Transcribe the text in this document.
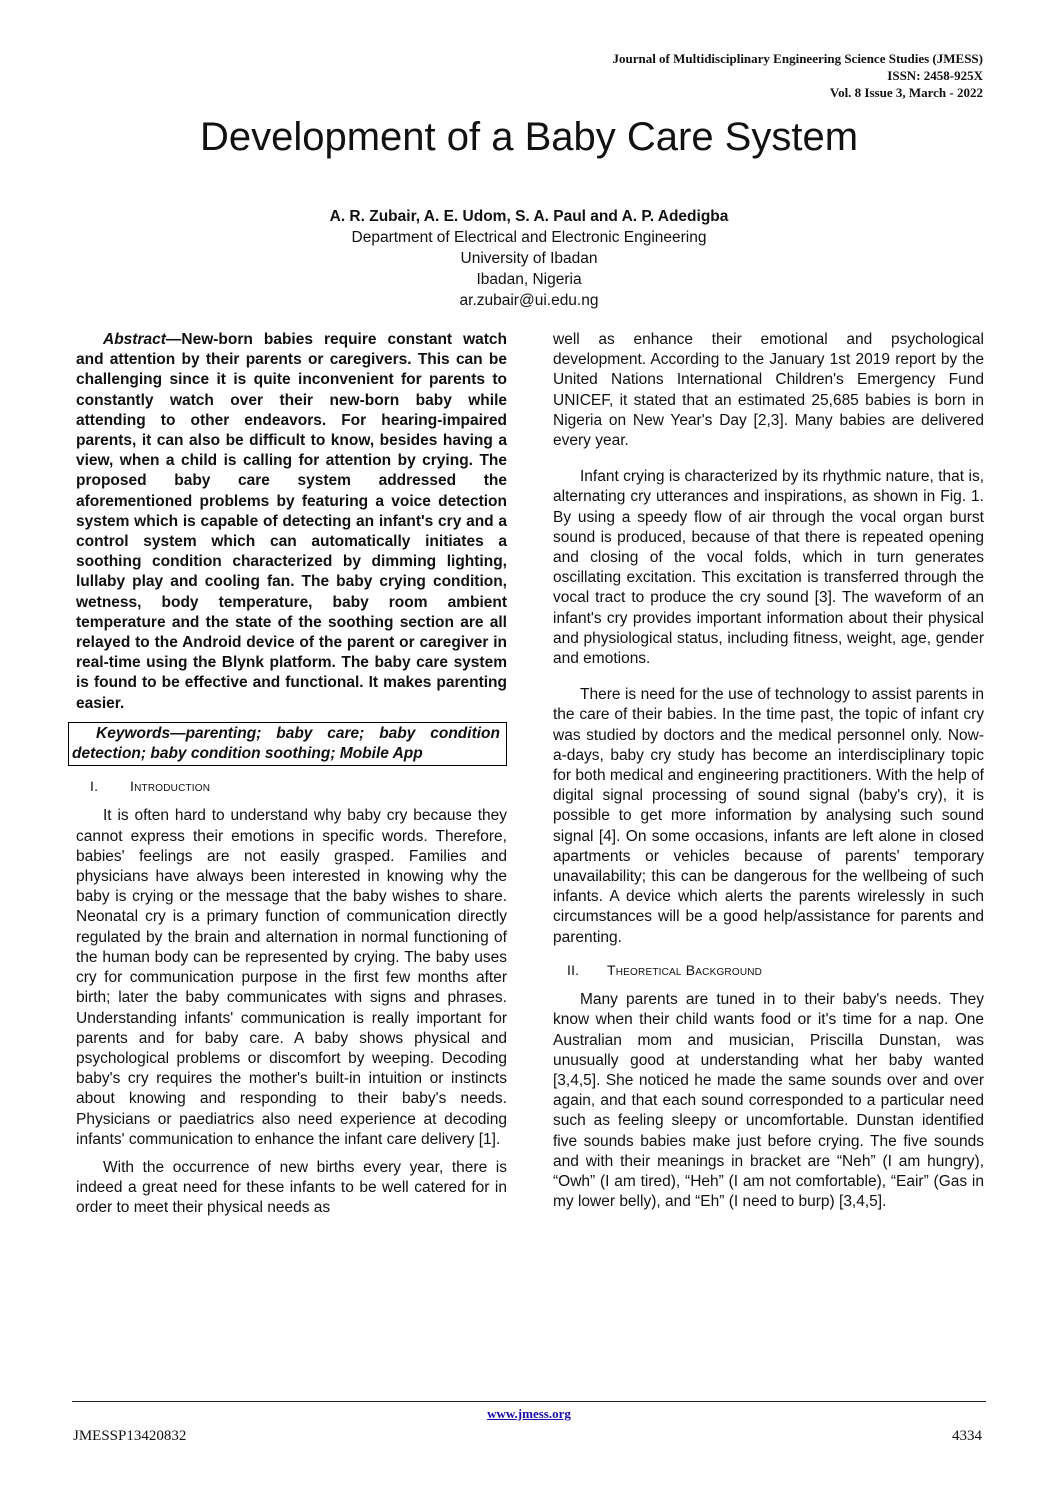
Journal of Multidisciplinary Engineering Science Studies (JMESS)
ISSN: 2458-925X
Vol. 8 Issue 3, March - 2022
Development of a Baby Care System
A. R. Zubair, A. E. Udom, S. A. Paul and A. P. Adedigba
Department of Electrical and Electronic Engineering
University of Ibadan
Ibadan, Nigeria
ar.zubair@ui.edu.ng

Abstract—New-born babies require constant watch and attention by their parents or caregivers. This can be challenging since it is quite inconvenient for parents to constantly watch over their new-born baby while attending to other endeavors. For hearing-impaired parents, it can also be difficult to know, besides having a view, when a child is calling for attention by crying. The proposed baby care system addressed the aforementioned problems by featuring a voice detection system which is capable of detecting an infant's cry and a control system which can automatically initiates a soothing condition characterized by dimming lighting, lullaby play and cooling fan. The baby crying condition, wetness, body temperature, baby room ambient temperature and the state of the soothing section are all relayed to the Android device of the parent or caregiver in real-time using the Blynk platform. The baby care system is found to be effective and functional. It makes parenting easier.

Keywords—parenting; baby care; baby condition detection; baby condition soothing; Mobile App
I. Introduction

It is often hard to understand why baby cry because they cannot express their emotions in specific words. Therefore, babies' feelings are not easily grasped. Families and physicians have always been interested in knowing why the baby is crying or the message that the baby wishes to share. Neonatal cry is a primary function of communication directly regulated by the brain and alternation in normal functioning of the human body can be represented by crying. The baby uses cry for communication purpose in the first few months after birth; later the baby communicates with signs and phrases. Understanding infants' communication is really important for parents and for baby care. A baby shows physical and psychological problems or discomfort by weeping. Decoding baby's cry requires the mother's built-in intuition or instincts about knowing and responding to their baby's needs. Physicians or paediatrics also need experience at decoding infants' communication to enhance the infant care delivery [1].

With the occurrence of new births every year, there is indeed a great need for these infants to be well catered for in order to meet their physical needs as

well as enhance their emotional and psychological development. According to the January 1st 2019 report by the United Nations International Children's Emergency Fund UNICEF, it stated that an estimated 25,685 babies is born in Nigeria on New Year's Day [2,3]. Many babies are delivered every year.

Infant crying is characterized by its rhythmic nature, that is, alternating cry utterances and inspirations, as shown in Fig. 1. By using a speedy flow of air through the vocal organ burst sound is produced, because of that there is repeated opening and closing of the vocal folds, which in turn generates oscillating excitation. This excitation is transferred through the vocal tract to produce the cry sound [3]. The waveform of an infant's cry provides important information about their physical and physiological status, including fitness, weight, age, gender and emotions.

There is need for the use of technology to assist parents in the care of their babies. In the time past, the topic of infant cry was studied by doctors and the medical personnel only. Now-a-days, baby cry study has become an interdisciplinary topic for both medical and engineering practitioners. With the help of digital signal processing of sound signal (baby's cry), it is possible to get more information by analysing such sound signal [4]. On some occasions, infants are left alone in closed apartments or vehicles because of parents' temporary unavailability; this can be dangerous for the wellbeing of such infants. A device which alerts the parents wirelessly in such circumstances will be a good help/assistance for parents and parenting.

II. Theoretical Background

Many parents are tuned in to their baby's needs. They know when their child wants food or it's time for a nap. One Australian mom and musician, Priscilla Dunstan, was unusually good at understanding what her baby wanted [3,4,5]. She noticed he made the same sounds over and over again, and that each sound corresponded to a particular need such as feeling sleepy or uncomfortable. Dunstan identified five sounds babies make just before crying. The five sounds and with their meanings in bracket are “Neh” (I am hungry), “Owh” (I am tired), “Heh” (I am not comfortable), “Eair” (Gas in my lower belly), and “Eh” (I need to burp) [3,4,5].

www.jmess.org
JMESSP13420832	4334
